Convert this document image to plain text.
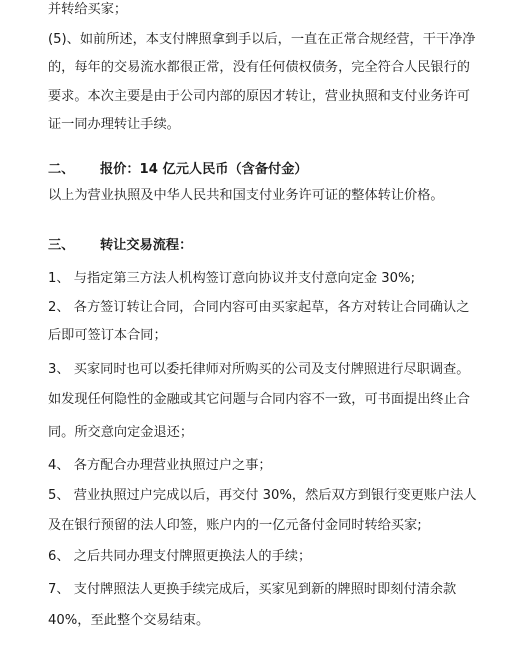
并转给买家；
(5)、如前所述，本支付牌照拿到手以后，一直在正常合规经营，干干净净
的，每年的交易流水都很正常，没有任何债权债务，完全符合人民银行的
要求。本次主要是由于公司内部的原因才转让，营业执照和支付业务许可
证一同办理转让手续。
二、 报价：14 亿元人民币（含备付金）
以上为营业执照及中华人民共和国支付业务许可证的整体转让价格。
三、 转让交易流程：
1、 与指定第三方法人机构签订意向协议并支付意向定金 30%;
2、 各方签订转让合同，合同内容可由买家起草，各方对转让合同确认之
后即可签订本合同；
3、 买家同时也可以委托律师对所购买的公司及支付牌照进行尽职调查。
如发现任何隐性的金融或其它问题与合同内容不一致，可书面提出终止合
同。所交意向定金退还；
4、 各方配合办理营业执照过户之事；
5、 营业执照过户完成以后，再交付 30%，然后双方到银行变更账户法人
及在银行预留的法人印签，账户内的一亿元备付金同时转给买家;
6、 之后共同办理支付牌照更换法人的手续；
7、 支付牌照法人更换手续完成后，买家见到新的牌照时即刻付清余款
40%，至此整个交易结束。
